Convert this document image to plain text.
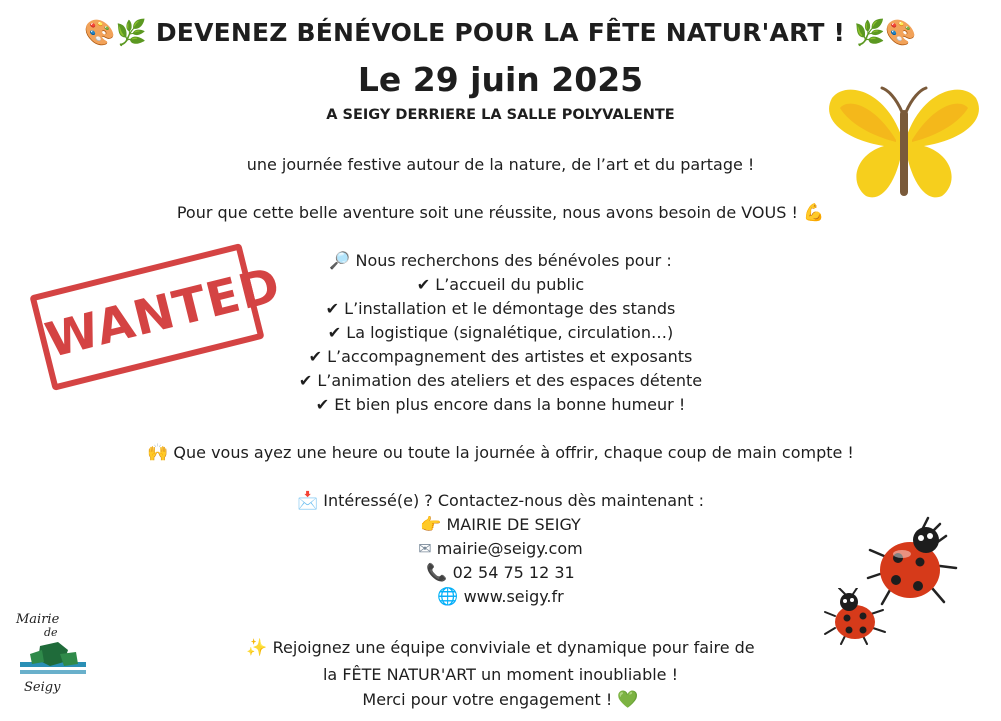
🎨🌿 DEVENEZ BÉNÉVOLE POUR LA FÊTE NATUR'ART ! 🌿🎨
Le 29 juin 2025
A SEIGY DERRIERE LA SALLE POLYVALENTE
une journée festive autour de la nature, de l’art et du partage !
Pour que cette belle aventure soit une réussite, nous avons besoin de VOUS ! 💪
🔎 Nous recherchons des bénévoles pour :
✔ L’accueil du public
✔ L’installation et le démontage des stands
✔ La logistique (signalétique, circulation…)
✔ L’accompagnement des artistes et exposants
✔ L’animation des ateliers et des espaces détente
✔ Et bien plus encore dans la bonne humeur !
🙌 Que vous ayez une heure ou toute la journée à offrir, chaque coup de main compte !
📩 Intéressé(e) ? Contactez-nous dès maintenant :
👉 MAIRIE DE SEIGY
✉ mairie@seigy.com
📞 02 54 75 12 31
🌐 www.seigy.fr
✨ Rejoignez une équipe conviviale et dynamique pour faire de
la FÊTE NATUR'ART un moment inoubliable !
Merci pour votre engagement ! 💚
WANTED
Mairie
de
Seigy
